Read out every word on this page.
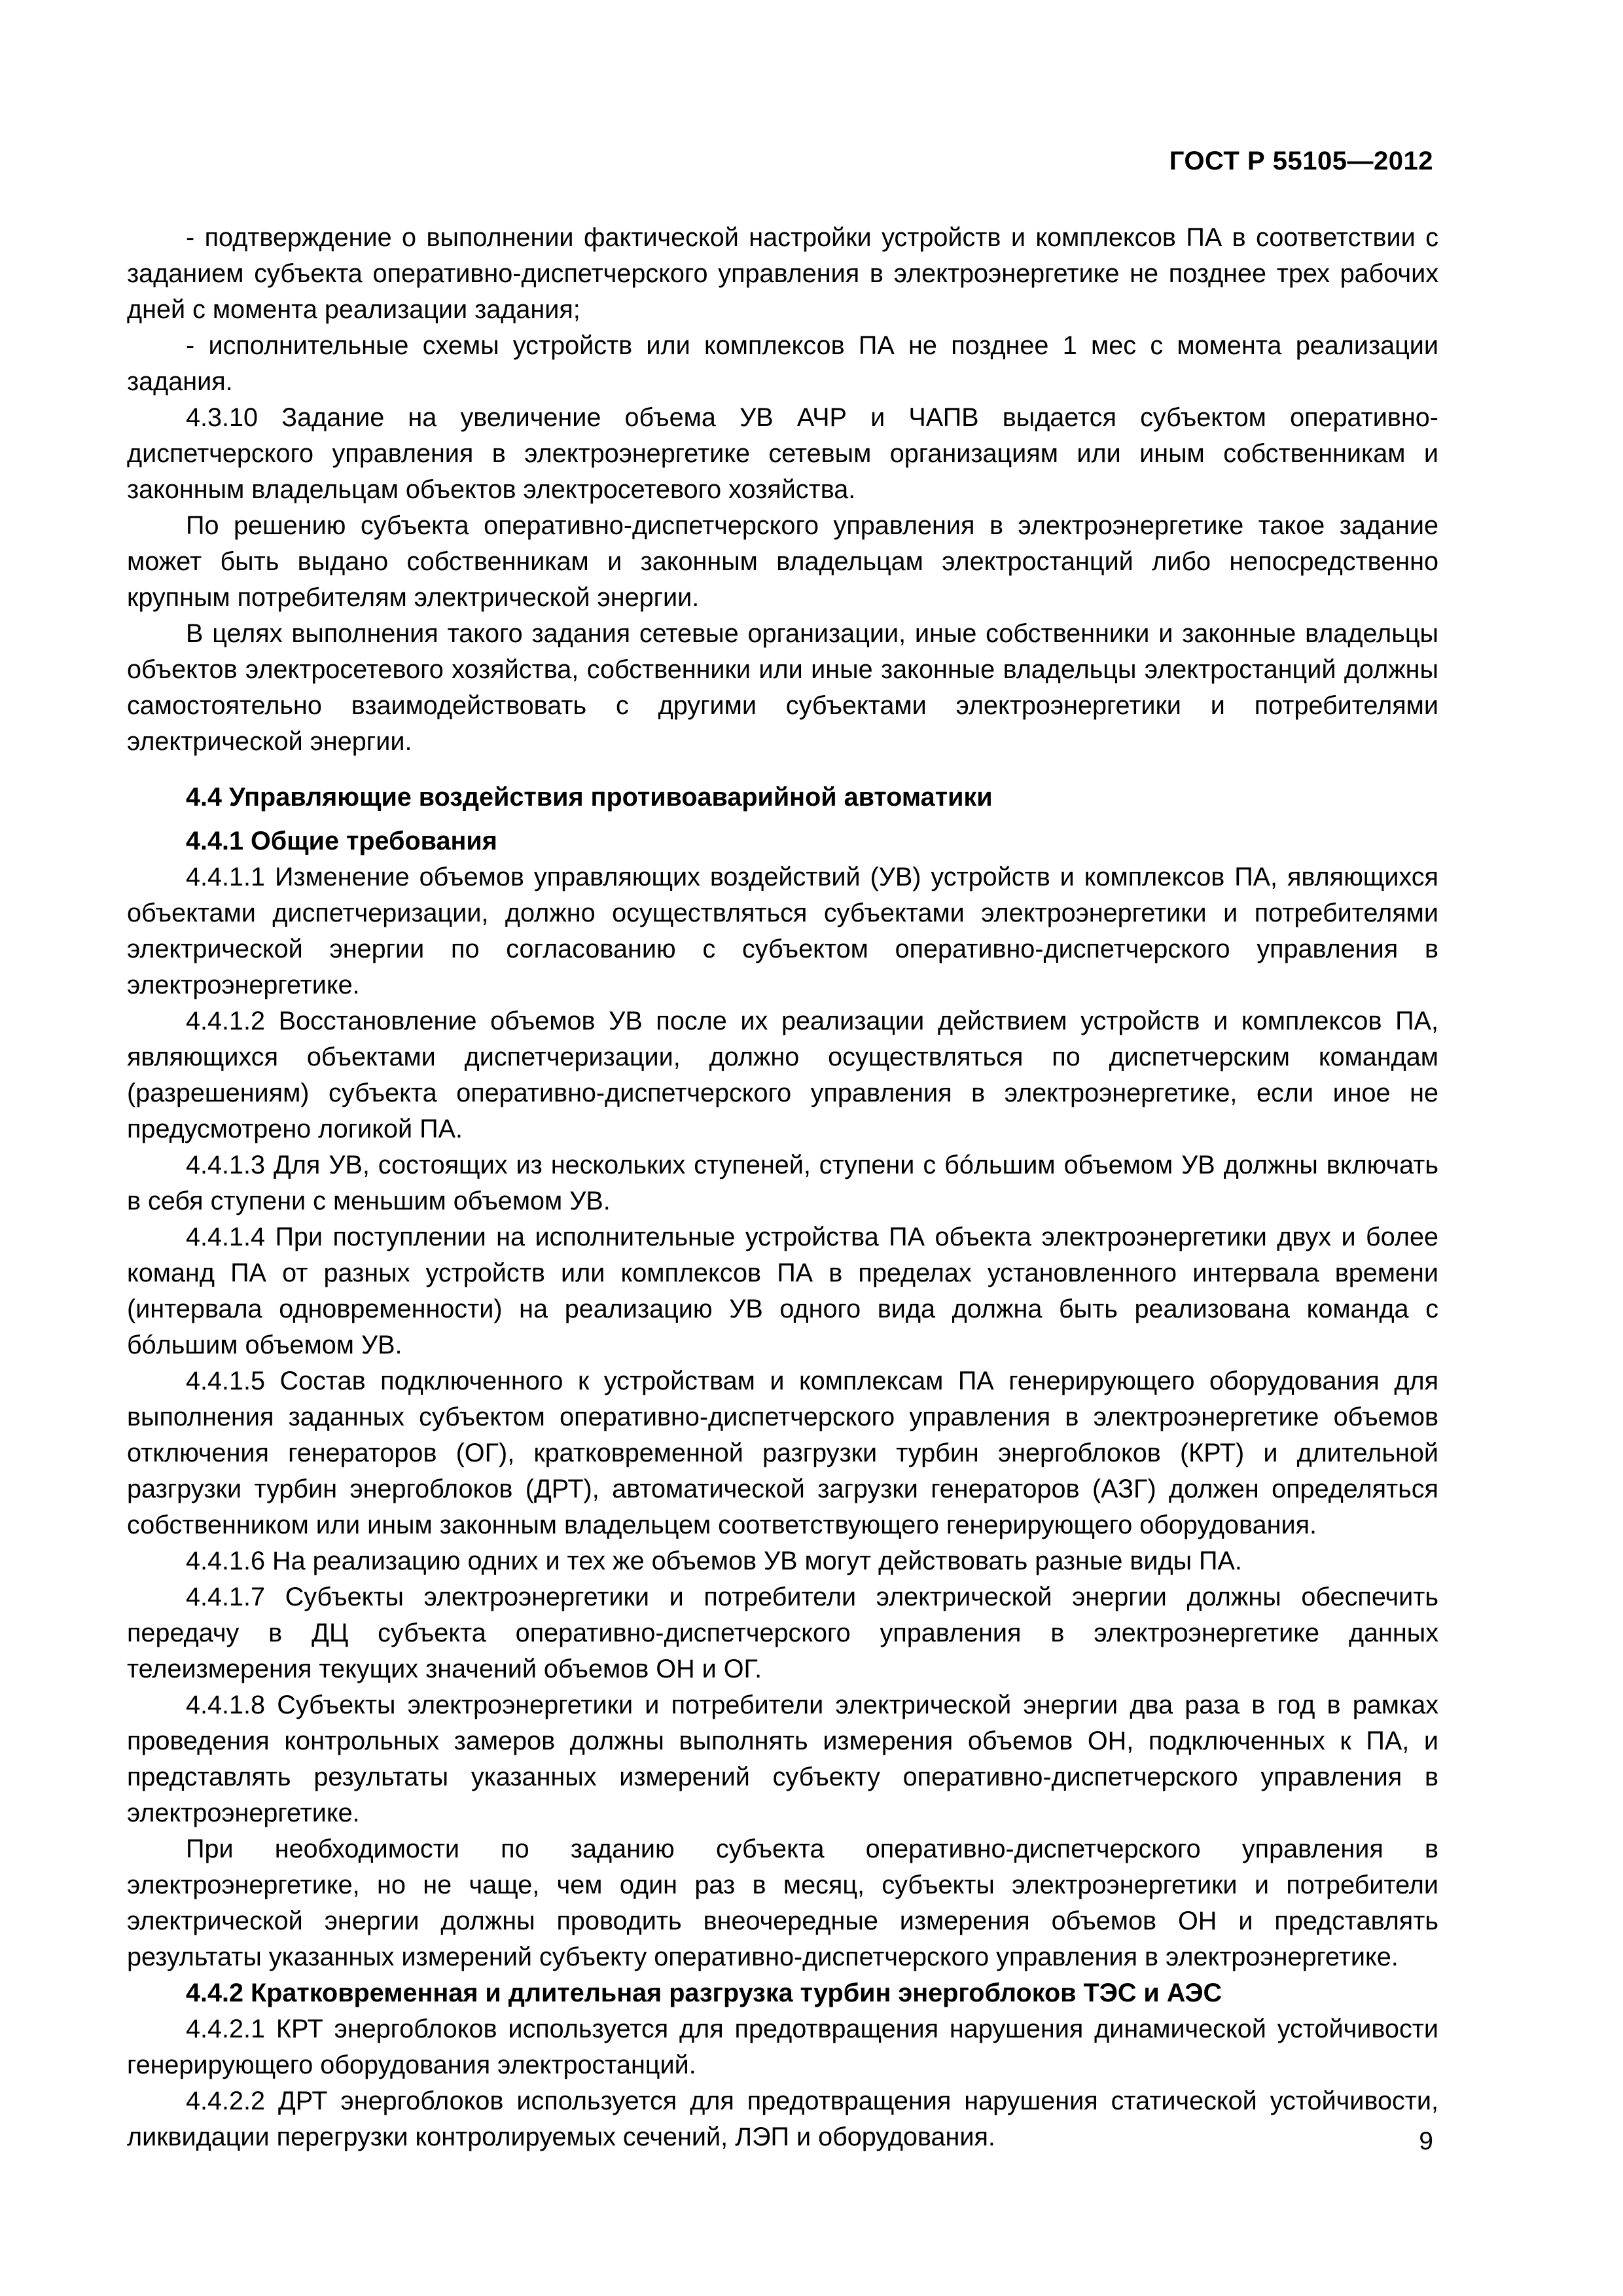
ГОСТ Р 55105—2012

- подтверждение о выполнении фактической настройки устройств и комплексов ПА в соответствии с заданием субъекта оперативно-диспетчерского управления в электроэнергетике не позднее трех рабочих дней с момента реализации задания;

- исполнительные схемы устройств или комплексов ПА не позднее 1 мес с момента реализации задания.

4.3.10 Задание на увеличение объема УВ АЧР и ЧАПВ выдается субъектом оперативно-диспетчерского управления в электроэнергетике сетевым организациям или иным собственникам и законным владельцам объектов электросетевого хозяйства.

По решению субъекта оперативно-диспетчерского управления в электроэнергетике такое задание может быть выдано собственникам и законным владельцам электростанций либо непосредственно крупным потребителям электрической энергии.

В целях выполнения такого задания сетевые организации, иные собственники и законные владельцы объектов электросетевого хозяйства, собственники или иные законные владельцы электростанций должны самостоятельно взаимодействовать с другими субъектами электроэнергетики и потребителями электрической энергии.

4.4 Управляющие воздействия противоаварийной автоматики
4.4.1 Общие требования

4.4.1.1 Изменение объемов управляющих воздействий (УВ) устройств и комплексов ПА, являющихся объектами диспетчеризации, должно осуществляться субъектами электроэнергетики и потребителями электрической энергии по согласованию с субъектом оперативно-диспетчерского управления в электроэнергетике.

4.4.1.2 Восстановление объемов УВ после их реализации действием устройств и комплексов ПА, являющихся объектами диспетчеризации, должно осуществляться по диспетчерским командам (разрешениям) субъекта оперативно-диспетчерского управления в электроэнергетике, если иное не предусмотрено логикой ПА.

4.4.1.3 Для УВ, состоящих из нескольких ступеней, ступени с бóльшим объемом УВ должны включать в себя ступени с меньшим объемом УВ.

4.4.1.4 При поступлении на исполнительные устройства ПА объекта электроэнергетики двух и более команд ПА от разных устройств или комплексов ПА в пределах установленного интервала времени (интервала одновременности) на реализацию УВ одного вида должна быть реализована команда с бóльшим объемом УВ.

4.4.1.5 Состав подключенного к устройствам и комплексам ПА генерирующего оборудования для выполнения заданных субъектом оперативно-диспетчерского управления в электроэнергетике объемов отключения генераторов (ОГ), кратковременной разгрузки турбин энергоблоков (КРТ) и длительной разгрузки турбин энергоблоков (ДРТ), автоматической загрузки генераторов (АЗГ) должен определяться собственником или иным законным владельцем соответствующего генерирующего оборудования.

4.4.1.6 На реализацию одних и тех же объемов УВ могут действовать разные виды ПА.

4.4.1.7 Субъекты электроэнергетики и потребители электрической энергии должны обеспечить передачу в ДЦ субъекта оперативно-диспетчерского управления в электроэнергетике данных телеизмерения текущих значений объемов ОН и ОГ.

4.4.1.8 Субъекты электроэнергетики и потребители электрической энергии два раза в год в рамках проведения контрольных замеров должны выполнять измерения объемов ОН, подключенных к ПА, и представлять результаты указанных измерений субъекту оперативно-диспетчерского управления в электроэнергетике.

При необходимости по заданию субъекта оперативно-диспетчерского управления в электроэнергетике, но не чаще, чем один раз в месяц, субъекты электроэнергетики и потребители электрической энергии должны проводить внеочередные измерения объемов ОН и представлять результаты указанных измерений субъекту оперативно-диспетчерского управления в электроэнергетике.

4.4.2 Кратковременная и длительная разгрузка турбин энергоблоков ТЭС и АЭС

4.4.2.1 КРТ энергоблоков используется для предотвращения нарушения динамической устойчивости генерирующего оборудования электростанций.

4.4.2.2 ДРТ энергоблоков используется для предотвращения нарушения статической устойчивости, ликвидации перегрузки контролируемых сечений, ЛЭП и оборудования.	9
